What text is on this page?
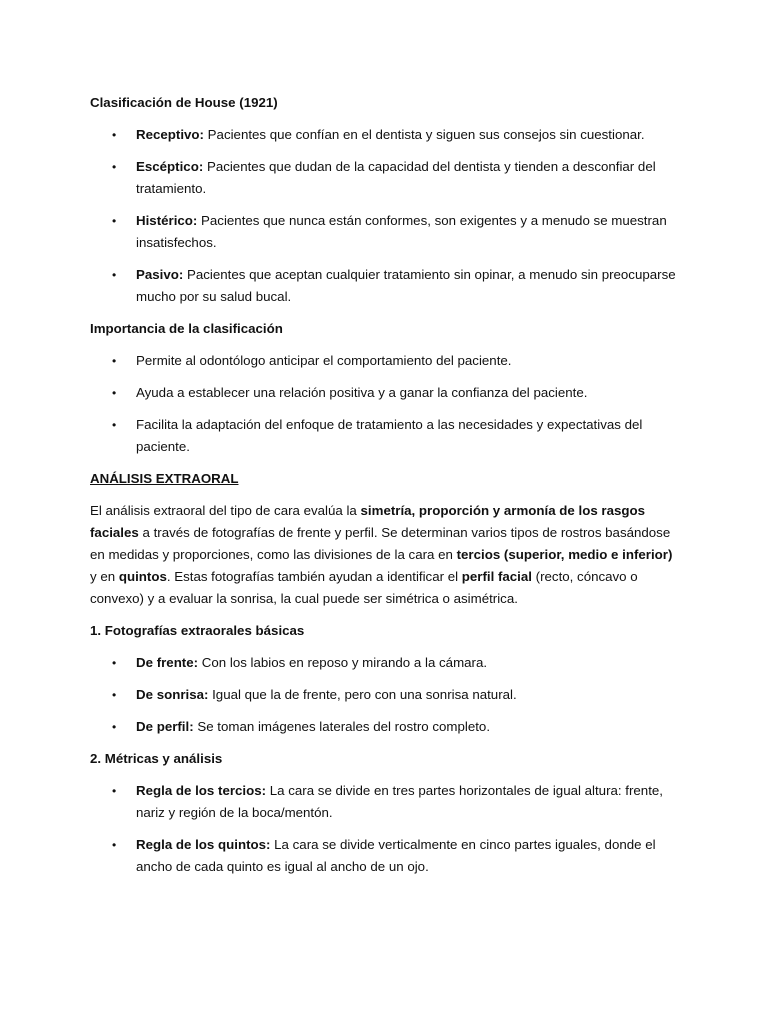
Clasificación de House (1921)
• Receptivo: Pacientes que confían en el dentista y siguen sus consejos sin cuestionar.
• Escéptico: Pacientes que dudan de la capacidad del dentista y tienden a desconfiar del tratamiento.
• Histérico: Pacientes que nunca están conformes, son exigentes y a menudo se muestran insatisfechos.
• Pasivo: Pacientes que aceptan cualquier tratamiento sin opinar, a menudo sin preocuparse mucho por su salud bucal.
Importancia de la clasificación
• Permite al odontólogo anticipar el comportamiento del paciente.
• Ayuda a establecer una relación positiva y a ganar la confianza del paciente.
• Facilita la adaptación del enfoque de tratamiento a las necesidades y expectativas del paciente.
ANÁLISIS EXTRAORAL

El análisis extraoral del tipo de cara evalúa la simetría, proporción y armonía de los rasgos faciales a través de fotografías de frente y perfil. Se determinan varios tipos de rostros basándose en medidas y proporciones, como las divisiones de la cara en tercios (superior, medio e inferior) y en quintos. Estas fotografías también ayudan a identificar el perfil facial (recto, cóncavo o convexo) y a evaluar la sonrisa, la cual puede ser simétrica o asimétrica.

1. Fotografías extraorales básicas
• De frente: Con los labios en reposo y mirando a la cámara.
• De sonrisa: Igual que la de frente, pero con una sonrisa natural.
• De perfil: Se toman imágenes laterales del rostro completo.
2. Métricas y análisis
• Regla de los tercios: La cara se divide en tres partes horizontales de igual altura: frente, nariz y región de la boca/mentón.
• Regla de los quintos: La cara se divide verticalmente en cinco partes iguales, donde el ancho de cada quinto es igual al ancho de un ojo.
